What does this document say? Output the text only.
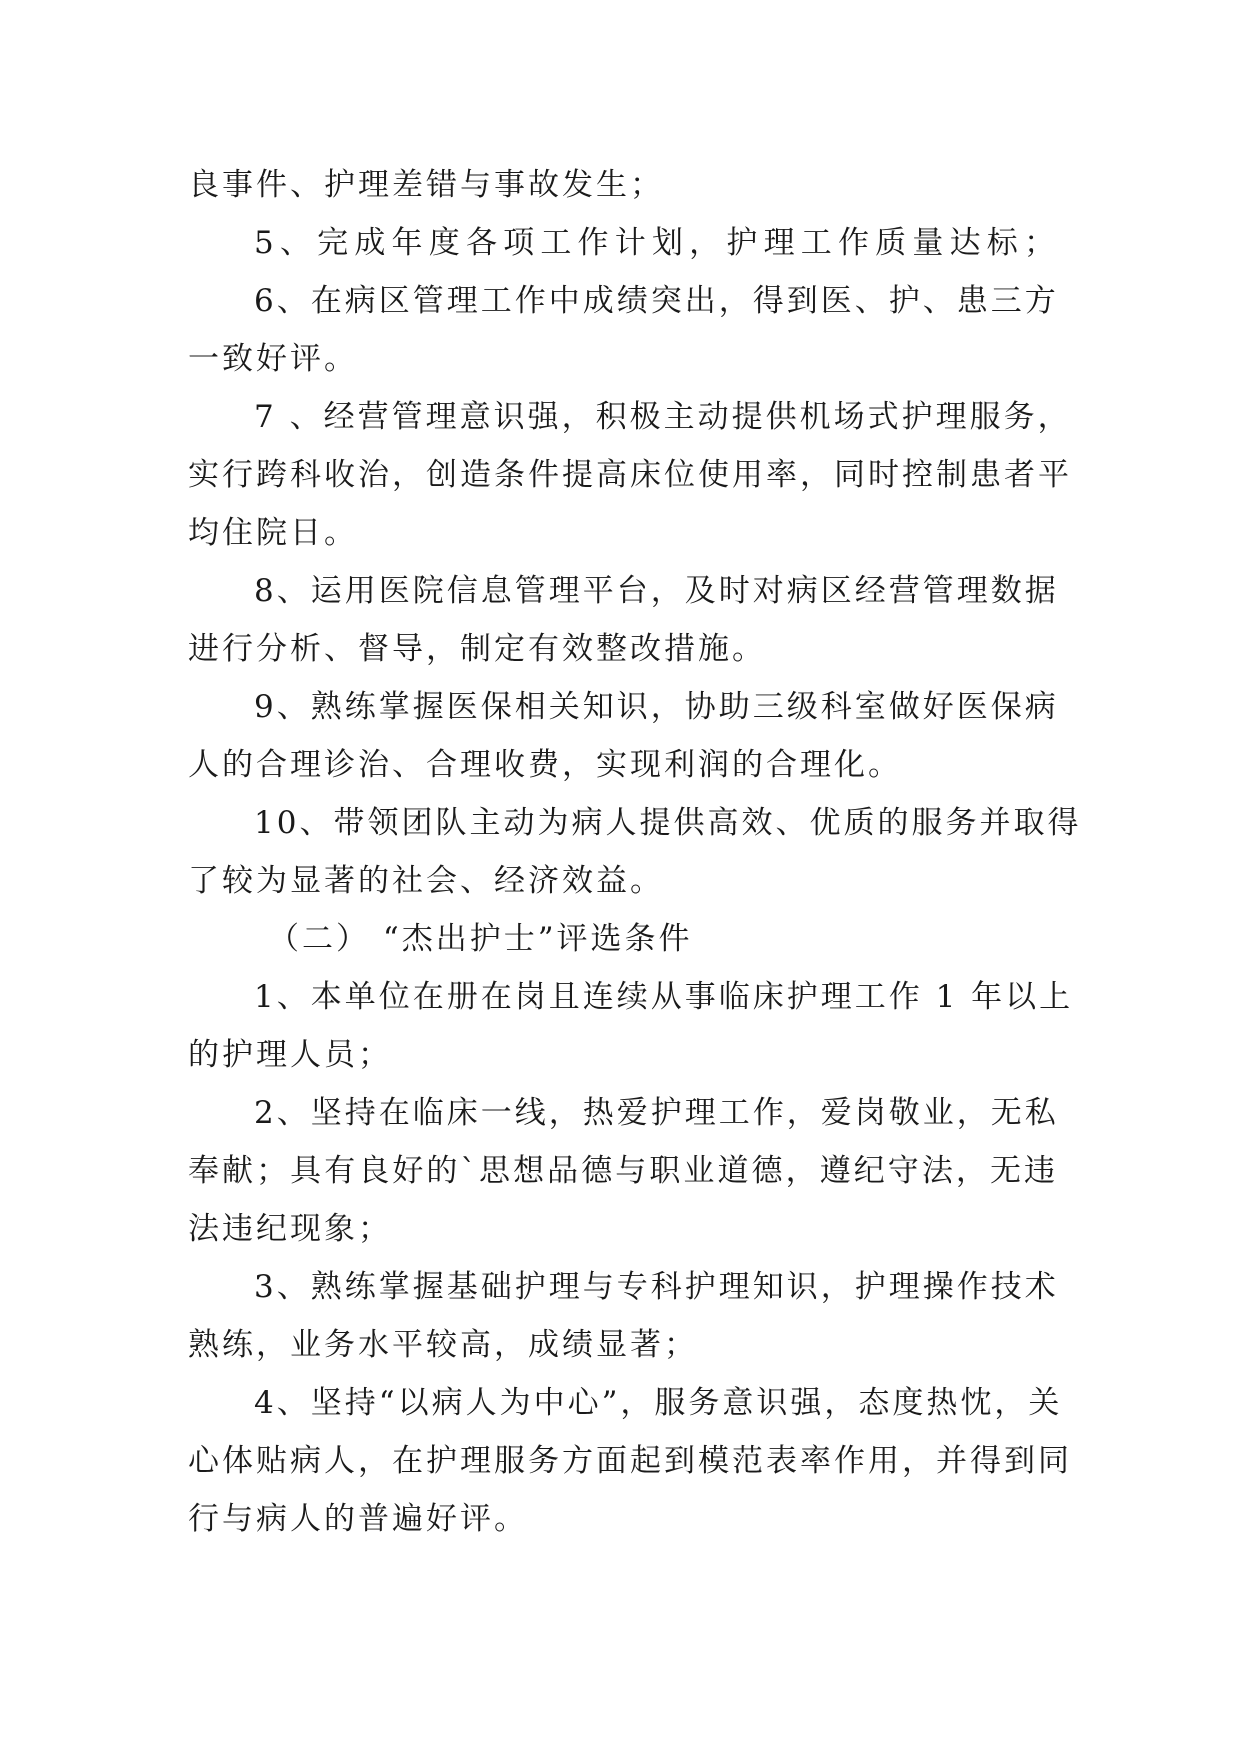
良事件、护理差错与事故发生；
5、完成年度各项工作计划，护理工作质量达标；
6、在病区管理工作中成绩突出，得到医、护、患三方
一致好评。
7 、经营管理意识强，积极主动提供机场式护理服务，
实行跨科收治，创造条件提高床位使用率，同时控制患者平
均住院日。
8、运用医院信息管理平台，及时对病区经营管理数据
进行分析、督导，制定有效整改措施。
9、熟练掌握医保相关知识，协助三级科室做好医保病
人的合理诊治、合理收费，实现利润的合理化。
10、带领团队主动为病人提供高效、优质的服务并取得
了较为显著的社会、经济效益。
（二） “杰出护士”评选条件
1、本单位在册在岗且连续从事临床护理工作 1 年以上
的护理人员；
2、坚持在临床一线，热爱护理工作，爱岗敬业，无私
奉献；具有良好的`思想品德与职业道德，遵纪守法，无违
法违纪现象；
3、熟练掌握基础护理与专科护理知识，护理操作技术
熟练，业务水平较高，成绩显著；
4、坚持“以病人为中心”，服务意识强，态度热忱，关
心体贴病人，在护理服务方面起到模范表率作用，并得到同
行与病人的普遍好评。
